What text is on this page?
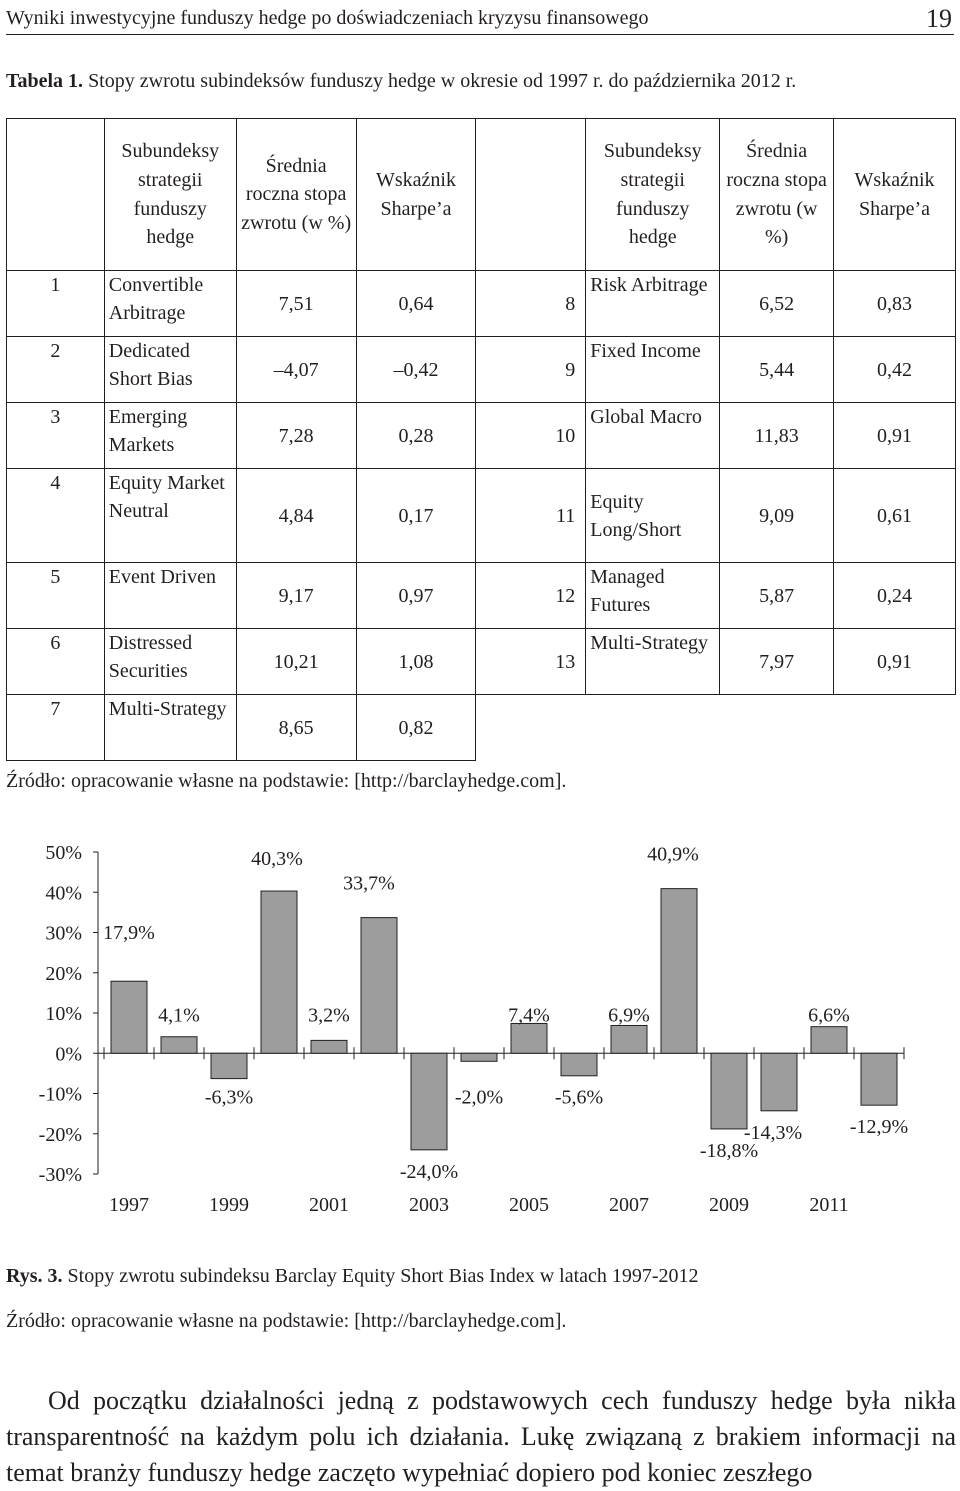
Wyniki inwestycyjne funduszy hedge po doświadczeniach kryzysu finansowego	19
Tabela 1. Stopy zwrotu subindeksów funduszy hedge w okresie od 1997 r. do października 2012 r.
	Subundeksy strategii funduszy hedge	Średnia roczna stopa zwrotu (w %)	Wskaźnik Sharpe’a		Subundeksy strategii funduszy hedge	Średnia roczna stopa zwrotu (w %)	Wskaźnik Sharpe’a
1	Convertible Arbitrage	7,51	0,64	8	Risk Arbitrage	6,52	0,83
2	Dedicated Short Bias	–4,07	–0,42	9	Fixed Income	5,44	0,42
3	Emerging Markets	7,28	0,28	10	Global Macro	11,83	0,91
4	Equity Market Neutral	4,84	0,17	11	Equity Long/Short	9,09	0,61
5	Event Driven	9,17	0,97	12	Managed Futures	5,87	0,24
6	Distressed Securities	10,21	1,08	13	Multi-Strategy	7,97	0,91
7	Multi-Strategy	8,65	0,82				
Źródło: opracowanie własne na podstawie: [http://barclayhedge.com].
50%
40%
30%
20%
10%
0%
-10%
-20%
-30%
1997	1999	2001	2003	2005	2007	2009	2011
17,9%
4,1%
-6,3%
40,3%
3,2%
33,7%
-24,0%
-2,0%
7,4%
-5,6%
6,9%
40,9%
-18,8%
-14,3%
6,6%
-12,9%
Rys. 3. Stopy zwrotu subindeksu Barclay Equity Short Bias Index w latach 1997-2012
Źródło: opracowanie własne na podstawie: [http://barclayhedge.com].

Od początku działalności jedną z podstawowych cech funduszy hedge była nikła transparentność na każdym polu ich działania. Lukę związaną z brakiem informacji na temat branży funduszy hedge zaczęto wypełniać dopiero pod koniec zeszłego
